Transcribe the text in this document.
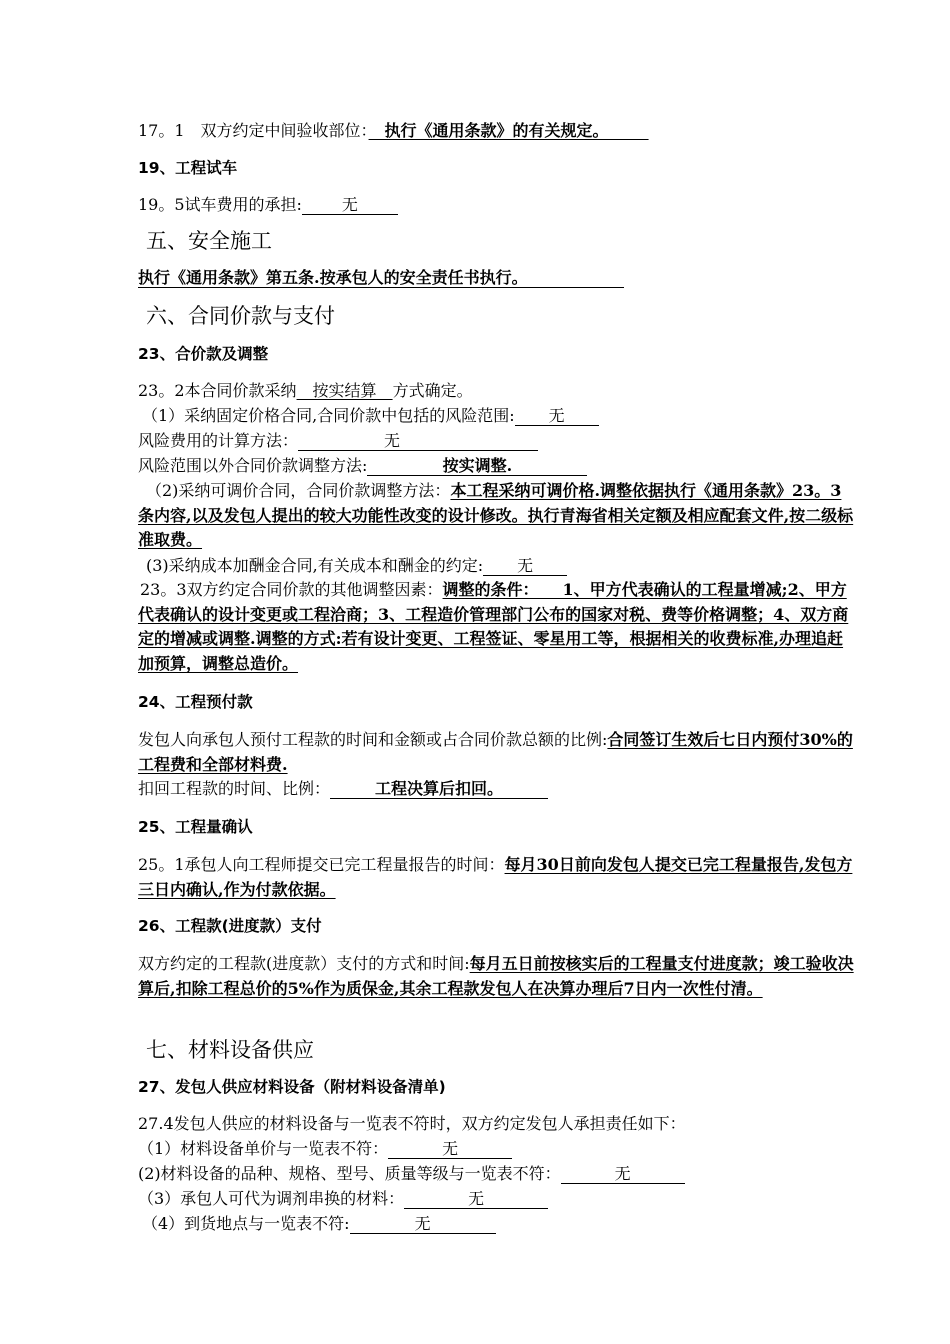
17。1　双方约定中间验收部位：　执行《通用条款》的有关规定。　　　
19、工程试车
19。5试车费用的承担: 无
五、安全施工
执行《通用条款》第五条.按承包人的安全责任书执行。
六、合同价款与支付
23、合价款及调整
23。2本合同价款采纳　按实结算　方式确定。
（1）采纳固定价格合同,合同价款中包括的风险范围: 无
风险费用的计算方法：	无
风险范围以外合同价款调整方法:	按实调整.
（2)采纳可调价合同，合同价款调整方法：本工程采纳可调价格.调整依据执行《通用条款》23。3条内容,以及发包人提出的较大功能性改变的设计修改。执行青海省相关定额及相应配套文件,按二级标准取费。
(3)采纳成本加酬金合同,有关成本和酬金的约定: 无
23。3双方约定合同价款的其他调整因素：调整的条件：　　1、甲方代表确认的工程量增减;2、甲方代表确认的设计变更或工程洽商；3、工程造价管理部门公布的国家对税、费等价格调整；4、双方商定的增减或调整.调整的方式:若有设计变更、工程签证、零星用工等，根据相关的收费标准,办理追赶加预算，调整总造价。
24、工程预付款
发包人向承包人预付工程款的时间和金额或占合同价款总额的比例:合同签订生效后七日内预付30%的工程费和全部材料费.
扣回工程款的时间、比例：	工程决算后扣回。
25、工程量确认
25。1承包人向工程师提交已完工程量报告的时间：每月30日前向发包人提交已完工程量报告,发包方三日内确认,作为付款依据。
26、工程款(进度款）支付
双方约定的工程款(进度款）支付的方式和时间:每月五日前按核实后的工程量支付进度款；竣工验收决算后,扣除工程总价的5%作为质保金,其余工程款发包人在决算办理后7日内一次性付清。
七、材料设备供应
27、发包人供应材料设备（附材料设备清单)
27.4发包人供应的材料设备与一览表不符时，双方约定发包人承担责任如下：
（1）材料设备单价与一览表不符：	无
(2)材料设备的品种、规格、型号、质量等级与一览表不符：	无
（3）承包人可代为调剂串换的材料：	无
（4）到货地点与一览表不符:	无
